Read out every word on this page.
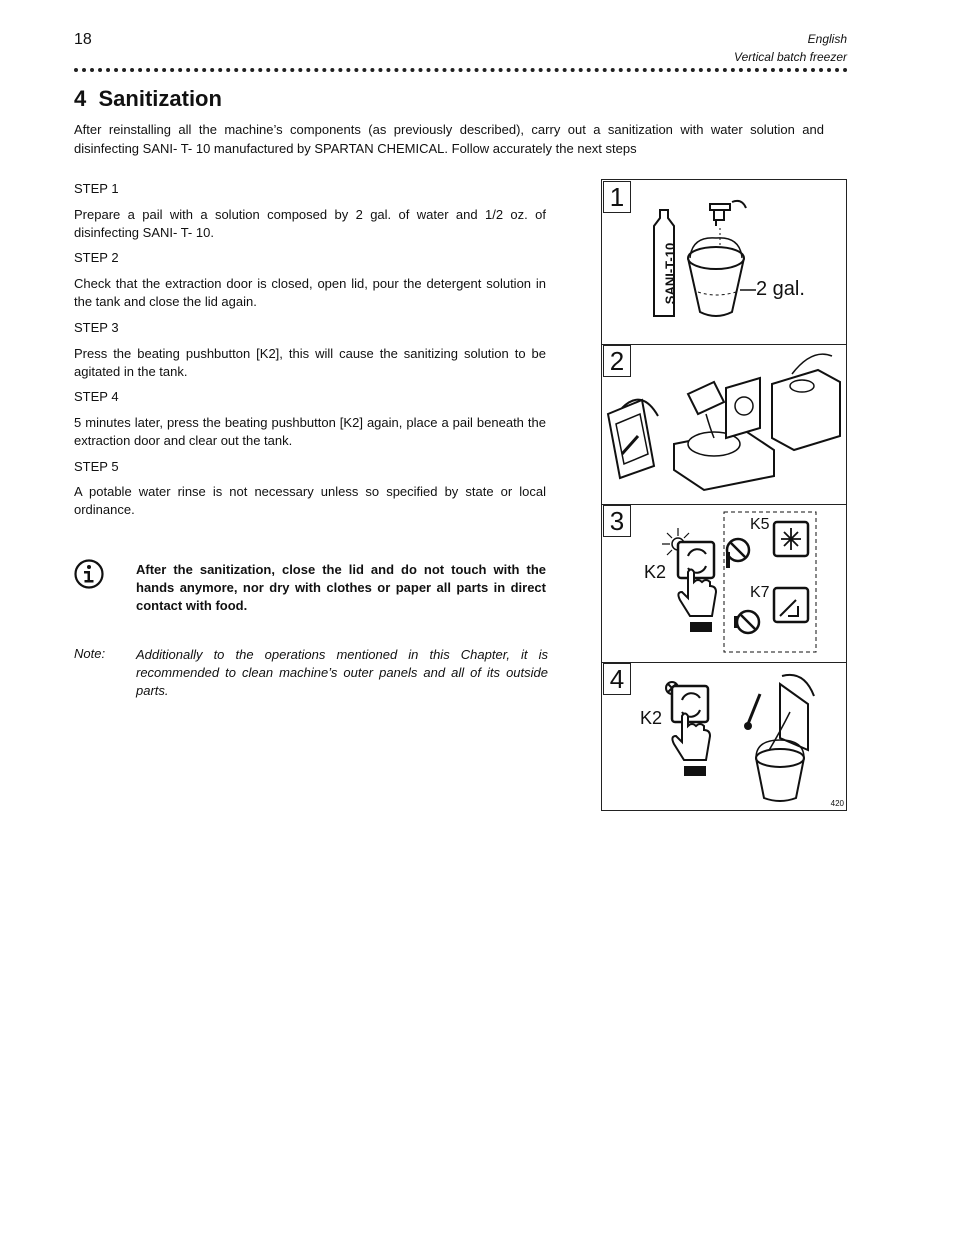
18	English
Vertical batch freezer
4 Sanitization
After reinstalling all the machine’s components (as previously described), carry out a sanitization with water solution and disinfecting SANI- T- 10 manufactured by SPARTAN CHEMICAL. Follow accurately the next steps
STEP 1
Prepare a pail with a solution composed by 2 gal. of water and 1/2 oz. of disinfecting SANI- T- 10.
STEP 2
Check that the extraction door is closed, open lid, pour the detergent solution in the tank and close the lid again.
STEP 3
Press the beating pushbutton [K2], this will cause the sanitizing solution to be agitated in the tank.
STEP 4
5 minutes later, press the beating pushbutton [K2] again, place a pail beneath the extraction door and clear out the tank.
STEP 5
A potable water rinse is not necessary unless so specified by state or local ordinance.
After the sanitization, close the lid and do not touch with the hands anymore, nor dry with clothes or paper all parts in direct contact with food.
Note: Additionally to the operations mentioned in this Chapter, it is recommended to clean machine’s outer panels and all of its outside parts.
1
SANI-T-10	2 gal.
2
3
K2
K5
K7
4
K2
420
